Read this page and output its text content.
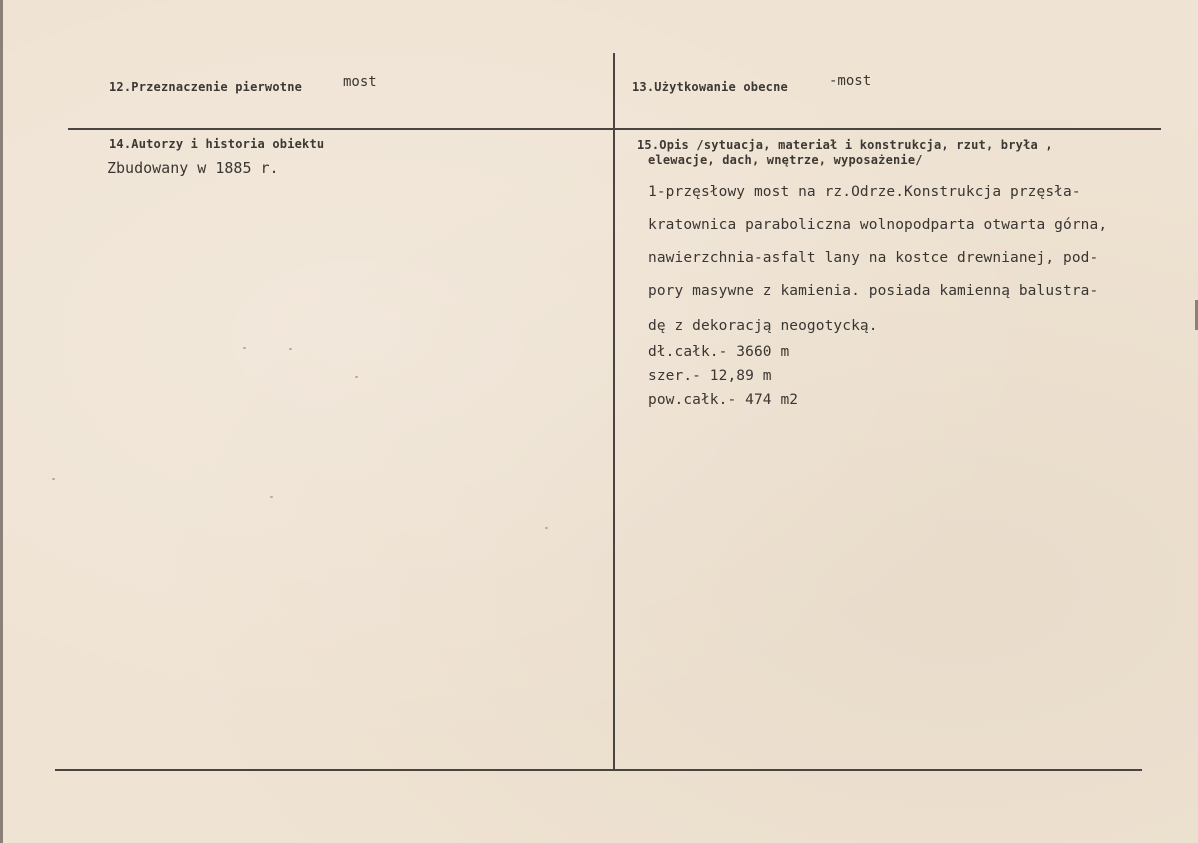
12.Przeznaczenie pierwotne	most	13.Użytkowanie obecne	-most
14.Autorzy i historia obiektu
Zbudowany w 1885 r.
15.Opis /sytuacja, materiał i konstrukcja, rzut, bryła ,
elewacje, dach, wnętrze, wyposażenie/
1-przęsłowy most na rz.Odrze.Konstrukcja przęsła-
kratownica paraboliczna wolnopodparta otwarta górna,
nawierzchnia-asfalt lany na kostce drewnianej, pod-
pory masywne z kamienia. posiada kamienną balustra-
dę z dekoracją neogotycką.
dł.całk.- 3660 m
szer.- 12,89 m
pow.całk.- 474 m2
